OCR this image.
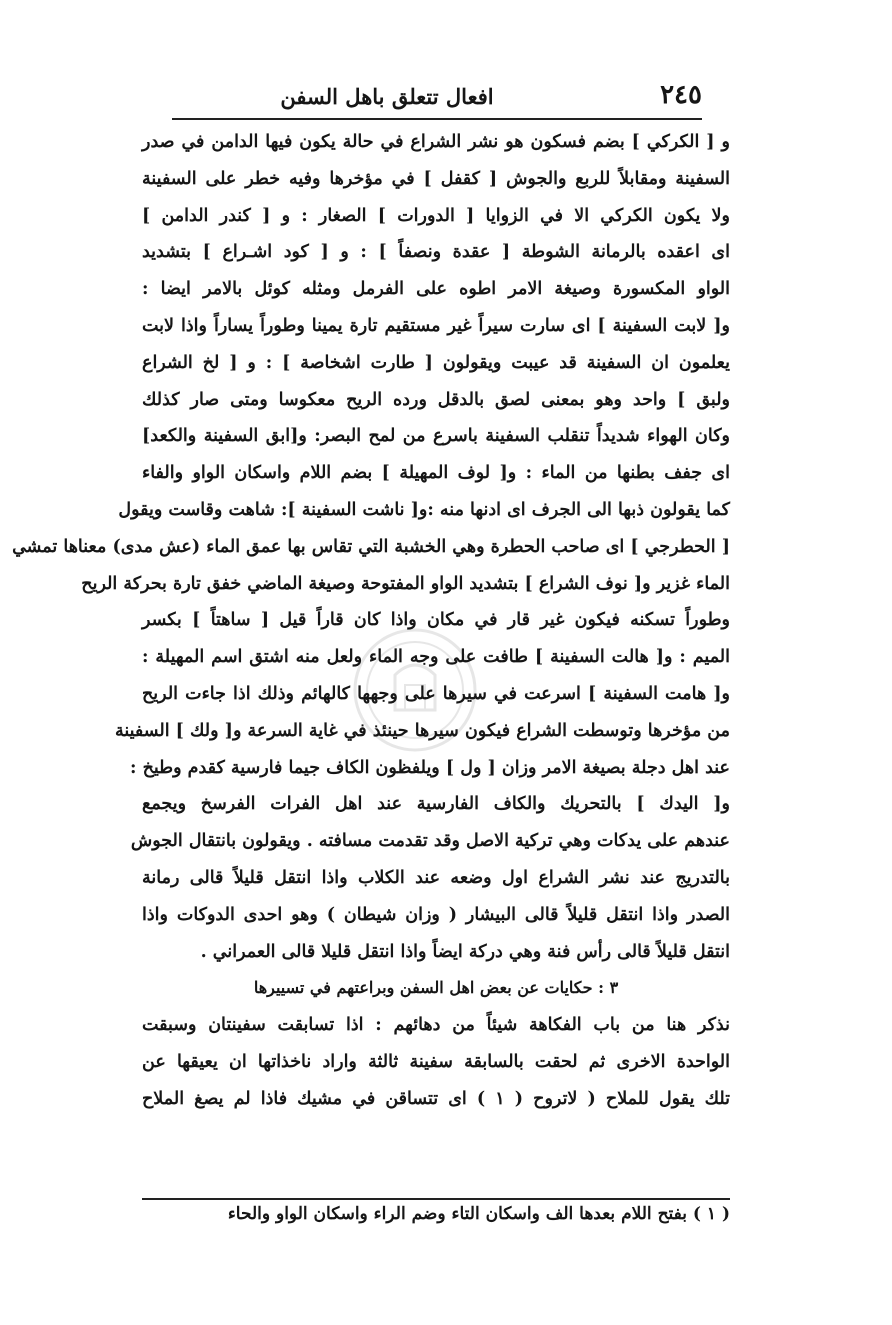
٢٤٥
افعال تتعلق باهل السفن
و [ الكركي ] بضم فسكون هو نشر الشراع في حالة يكون فيها الدامن في صدر
السفينة ومقابلاً للربع والجوش [ كقفل ] في مؤخرها وفيه خطر على السفينة
ولا يكون الكركي الا في الزوايا [ الدورات ] الصغار : و [ كندر الدامن ]
اى اعقده بالرمانة الشوطة [ عقدة ونصفاً ] : و [ كود اشـراع ] بتشديد
الواو المكسورة وصيغة الامر اطوه على الفرمل ومثله كوئل بالامر ايضا :
و[ لابت السفينة ] اى سارت سيراً غير مستقيم تارة يمينا وطوراً يساراً واذا لابت
يعلمون ان السفينة قد عيبت ويقولون [ طارت اشخاصة ] : و [ لخ الشراع
ولبق ] واحد وهو بمعنى لصق بالدقل ورده الريح معكوسا ومتى صار كذلك
وكان الهواء شديداً تنقلب السفينة باسرع من لمح البصر: و[ابق السفينة والكعد]
اى جفف بطنها من الماء : و[ لوف المهيلة ] بضم اللام واسكان الواو والفاء
كما يقولون ذبها الى الجرف اى ادنها منه :و[ ناشت السفينة ]: شاهت وقاست ويقول
[ الحطرجي ] اى صاحب الحطرة وهي الخشبة التي تقاس بها عمق الماء (عش مدى) معناها تمشي
الماء غزير و[ نوف الشراع ] بتشديد الواو المفتوحة وصيغة الماضي خفق تارة بحركة الريح
وطوراً تسكنه فيكون غير قار في مكان واذا كان قاراً قيل [ ساهتاً ] بكسر
الميم : و[ هالت السفينة ] طافت على وجه الماء ولعل منه اشتق اسم المهيلة :
و[ هامت السفينة ] اسرعت في سيرها على وجهها كالهائم وذلك اذا جاءت الريح
من مؤخرها وتوسطت الشراع فيكون سيرها حينئذ في غاية السرعة و[ ولك ] السفينة
عند اهل دجلة بصيغة الامر وزان [ ول ] ويلفظون الكاف جيما فارسية كقدم وطيخ :
و[ اليدك ] بالتحريك والكاف الفارسية عند اهل الفرات الفرسخ ويجمع
عندهم على يدكات وهي تركية الاصل وقد تقدمت مسافته . ويقولون بانتقال الجوش
بالتدريج عند نشر الشراع اول وضعه عند الكلاب واذا انتقل قليلاً قالى رمانة
الصدر واذا انتقل قليلاً قالى البيشار ( وزان شيطان ) وهو احدى الدوكات واذا
انتقل قليلاً قالى رأس فنة وهي دركة ايضاً واذا انتقل قليلا قالى العمراني .
٣ : حكايات عن بعض اهل السفن وبراعتهم في تسييرها
نذكر هنا من باب الفكاهة شيئاً من دهائهم : اذا تسابقت سفينتان وسبقت
الواحدة الاخرى ثم لحقت بالسابقة سفينة ثالثة واراد ناخذاتها ان يعيقها عن
تلك يقول للملاح ( لاتروح ( ١ ) اى تتساقن في مشيك فاذا لم يصغ الملاح
( ١ ) بفتح اللام بعدها الف واسكان التاء وضم الراء واسكان الواو والحاء
